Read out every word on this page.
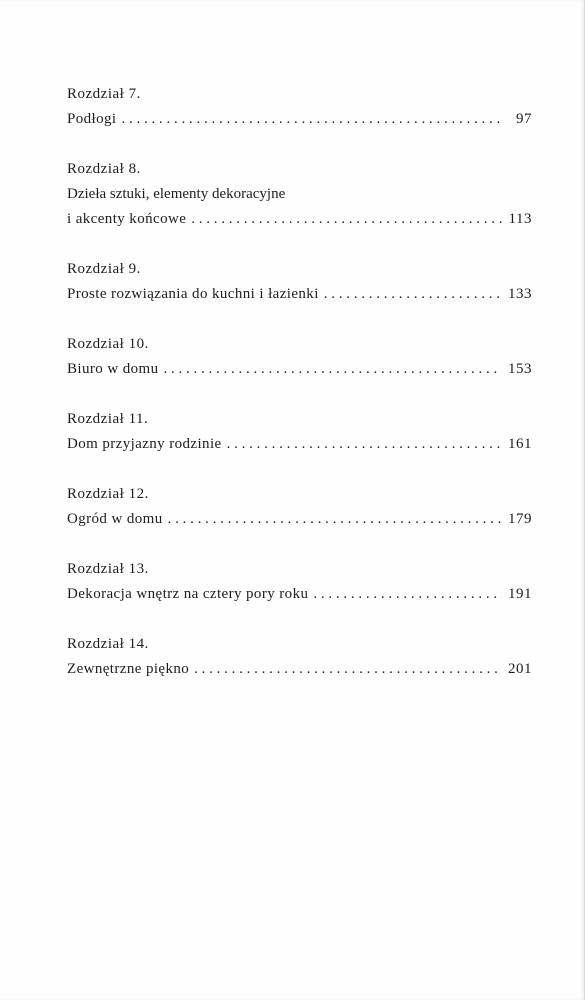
Rozdział 7.
Podłogi . . .	97
Rozdział 8.
Dzieła sztuki, elementy dekoracyjne
i akcenty końcowe . . .	113
Rozdział 9.
Proste rozwiązania do kuchni i łazienki . . .	133
Rozdział 10.
Biuro w domu . . .	153
Rozdział 11.
Dom przyjazny rodzinie . . .	161
Rozdział 12.
Ogród w domu . . .	179
Rozdział 13.
Dekoracja wnętrz na cztery pory roku . . .	191
Rozdział 14.
Zewnętrzne piękno . . .	201
